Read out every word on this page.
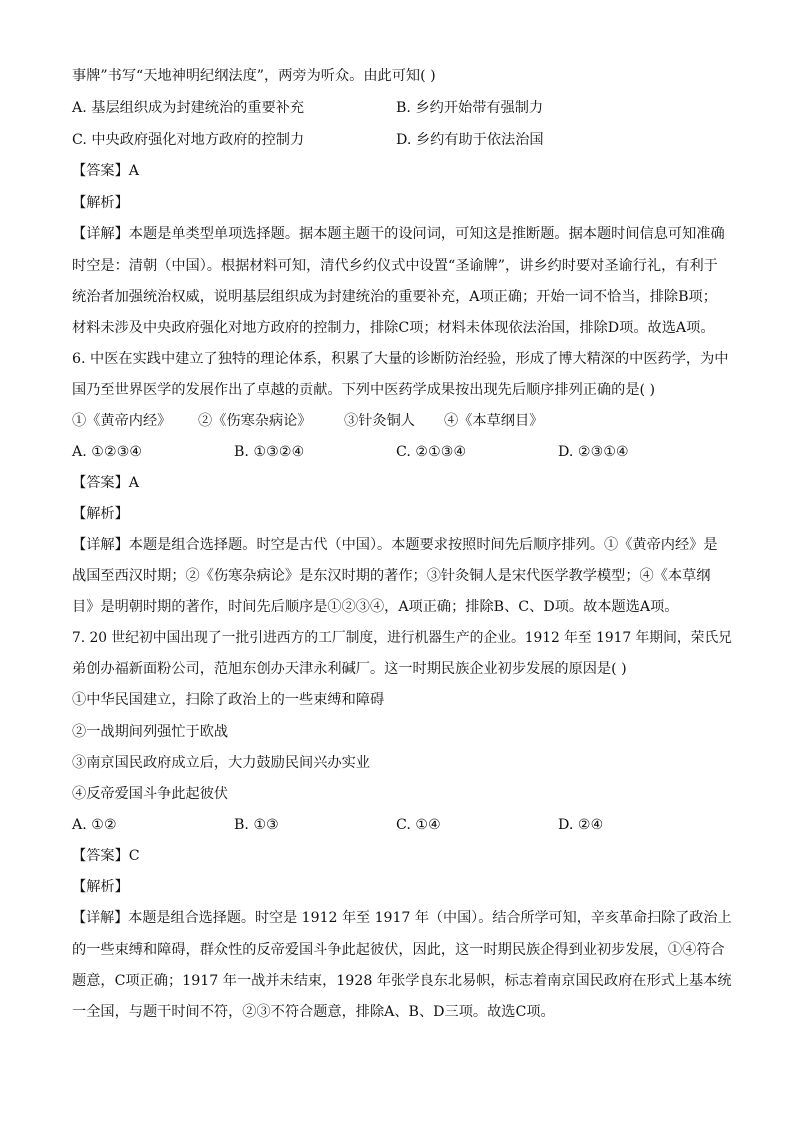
事牌”书写“天地神明纪纲法度”，两旁为听众。由此可知( )
A. 基层组织成为封建统治的重要补充	B. 乡约开始带有强制力
C. 中央政府强化对地方政府的控制力	D. 乡约有助于依法治国
【答案】A
【解析】
【详解】本题是单类型单项选择题。据本题主题干的设问词，可知这是推断题。据本题时间信息可知准确
时空是：清朝（中国）。根据材料可知，清代乡约仪式中设置“圣谕牌”，讲乡约时要对圣谕行礼，有利于
统治者加强统治权威，说明基层组织成为封建统治的重要补充，A项正确；开始一词不恰当，排除B项；
材料未涉及中央政府强化对地方政府的控制力，排除C项；材料未体现依法治国，排除D项。故选A项。
6. 中医在实践中建立了独特的理论体系，积累了大量的诊断防治经验，形成了博大精深的中医药学，为中
国乃至世界医学的发展作出了卓越的贡献。下列中医药学成果按出现先后顺序排列正确的是( )
①《黄帝内经》 ②《伤寒杂病论》 ③针灸铜人 ④《本草纲目》
A. ①②③④	B. ①③②④	C. ②①③④	D. ②③①④
【答案】A
【解析】
【详解】本题是组合选择题。时空是古代（中国）。本题要求按照时间先后顺序排列。①《黄帝内经》是
战国至西汉时期；②《伤寒杂病论》是东汉时期的著作；③针灸铜人是宋代医学教学模型；④《本草纲
目》是明朝时期的著作，时间先后顺序是①②③④，A项正确；排除B、C、D项。故本题选A项。
7. 20 世纪初中国出现了一批引进西方的工厂制度，进行机器生产的企业。1912 年至 1917 年期间，荣氏兄
弟创办福新面粉公司，范旭东创办天津永利碱厂。这一时期民族企业初步发展的原因是( )
①中华民国建立，扫除了政治上的一些束缚和障碍
②一战期间列强忙于欧战
③南京国民政府成立后，大力鼓励民间兴办实业
④反帝爱国斗争此起彼伏
A. ①②	B. ①③	C. ①④	D. ②④
【答案】C
【解析】
【详解】本题是组合选择题。时空是 1912 年至 1917 年（中国）。结合所学可知，辛亥革命扫除了政治上
的一些束缚和障碍，群众性的反帝爱国斗争此起彼伏，因此，这一时期民族企得到业初步发展，①④符合
题意，C项正确；1917 年一战并未结束，1928 年张学良东北易帜，标志着南京国民政府在形式上基本统
一全国，与题干时间不符，②③不符合题意，排除A、B、D三项。故选C项。
